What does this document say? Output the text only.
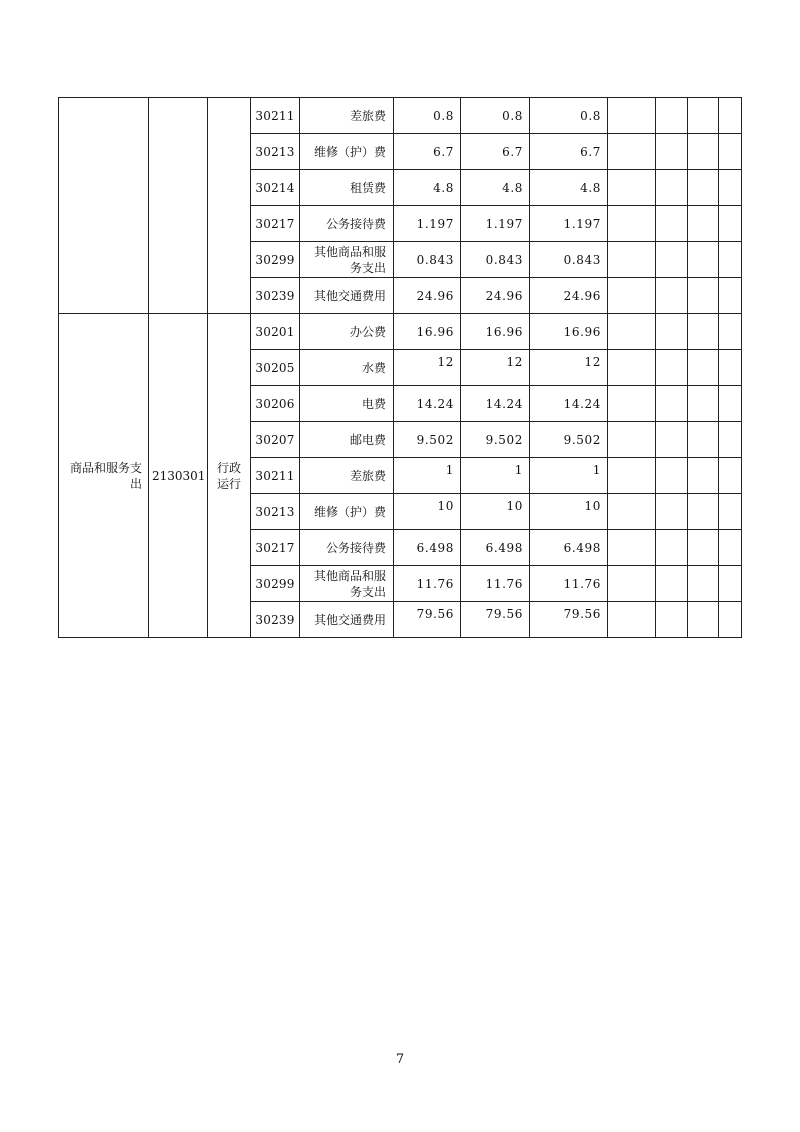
			30211	差旅费	0.8	0.8	0.8					
			30213	维修（护）费	6.7	6.7	6.7					
			30214	租赁费	4.8	4.8	4.8					
			30217	公务接待费	1.197	1.197	1.197					
			30299	其他商品和服务支出	0.843	0.843	0.843					
			30239	其他交通费用	24.96	24.96	24.96					
商品和服务支出	2130301	行政运行	30201	办公费	16.96	16.96	16.96					
			30205	水费	12	12	12					
			30206	电费	14.24	14.24	14.24					
			30207	邮电费	9.502	9.502	9.502					
			30211	差旅费	1	1	1					
			30213	维修（护）费	10	10	10					
			30217	公务接待费	6.498	6.498	6.498					
			30299	其他商品和服务支出	11.76	11.76	11.76					
			30239	其他交通费用	79.56	79.56	79.56					
7
